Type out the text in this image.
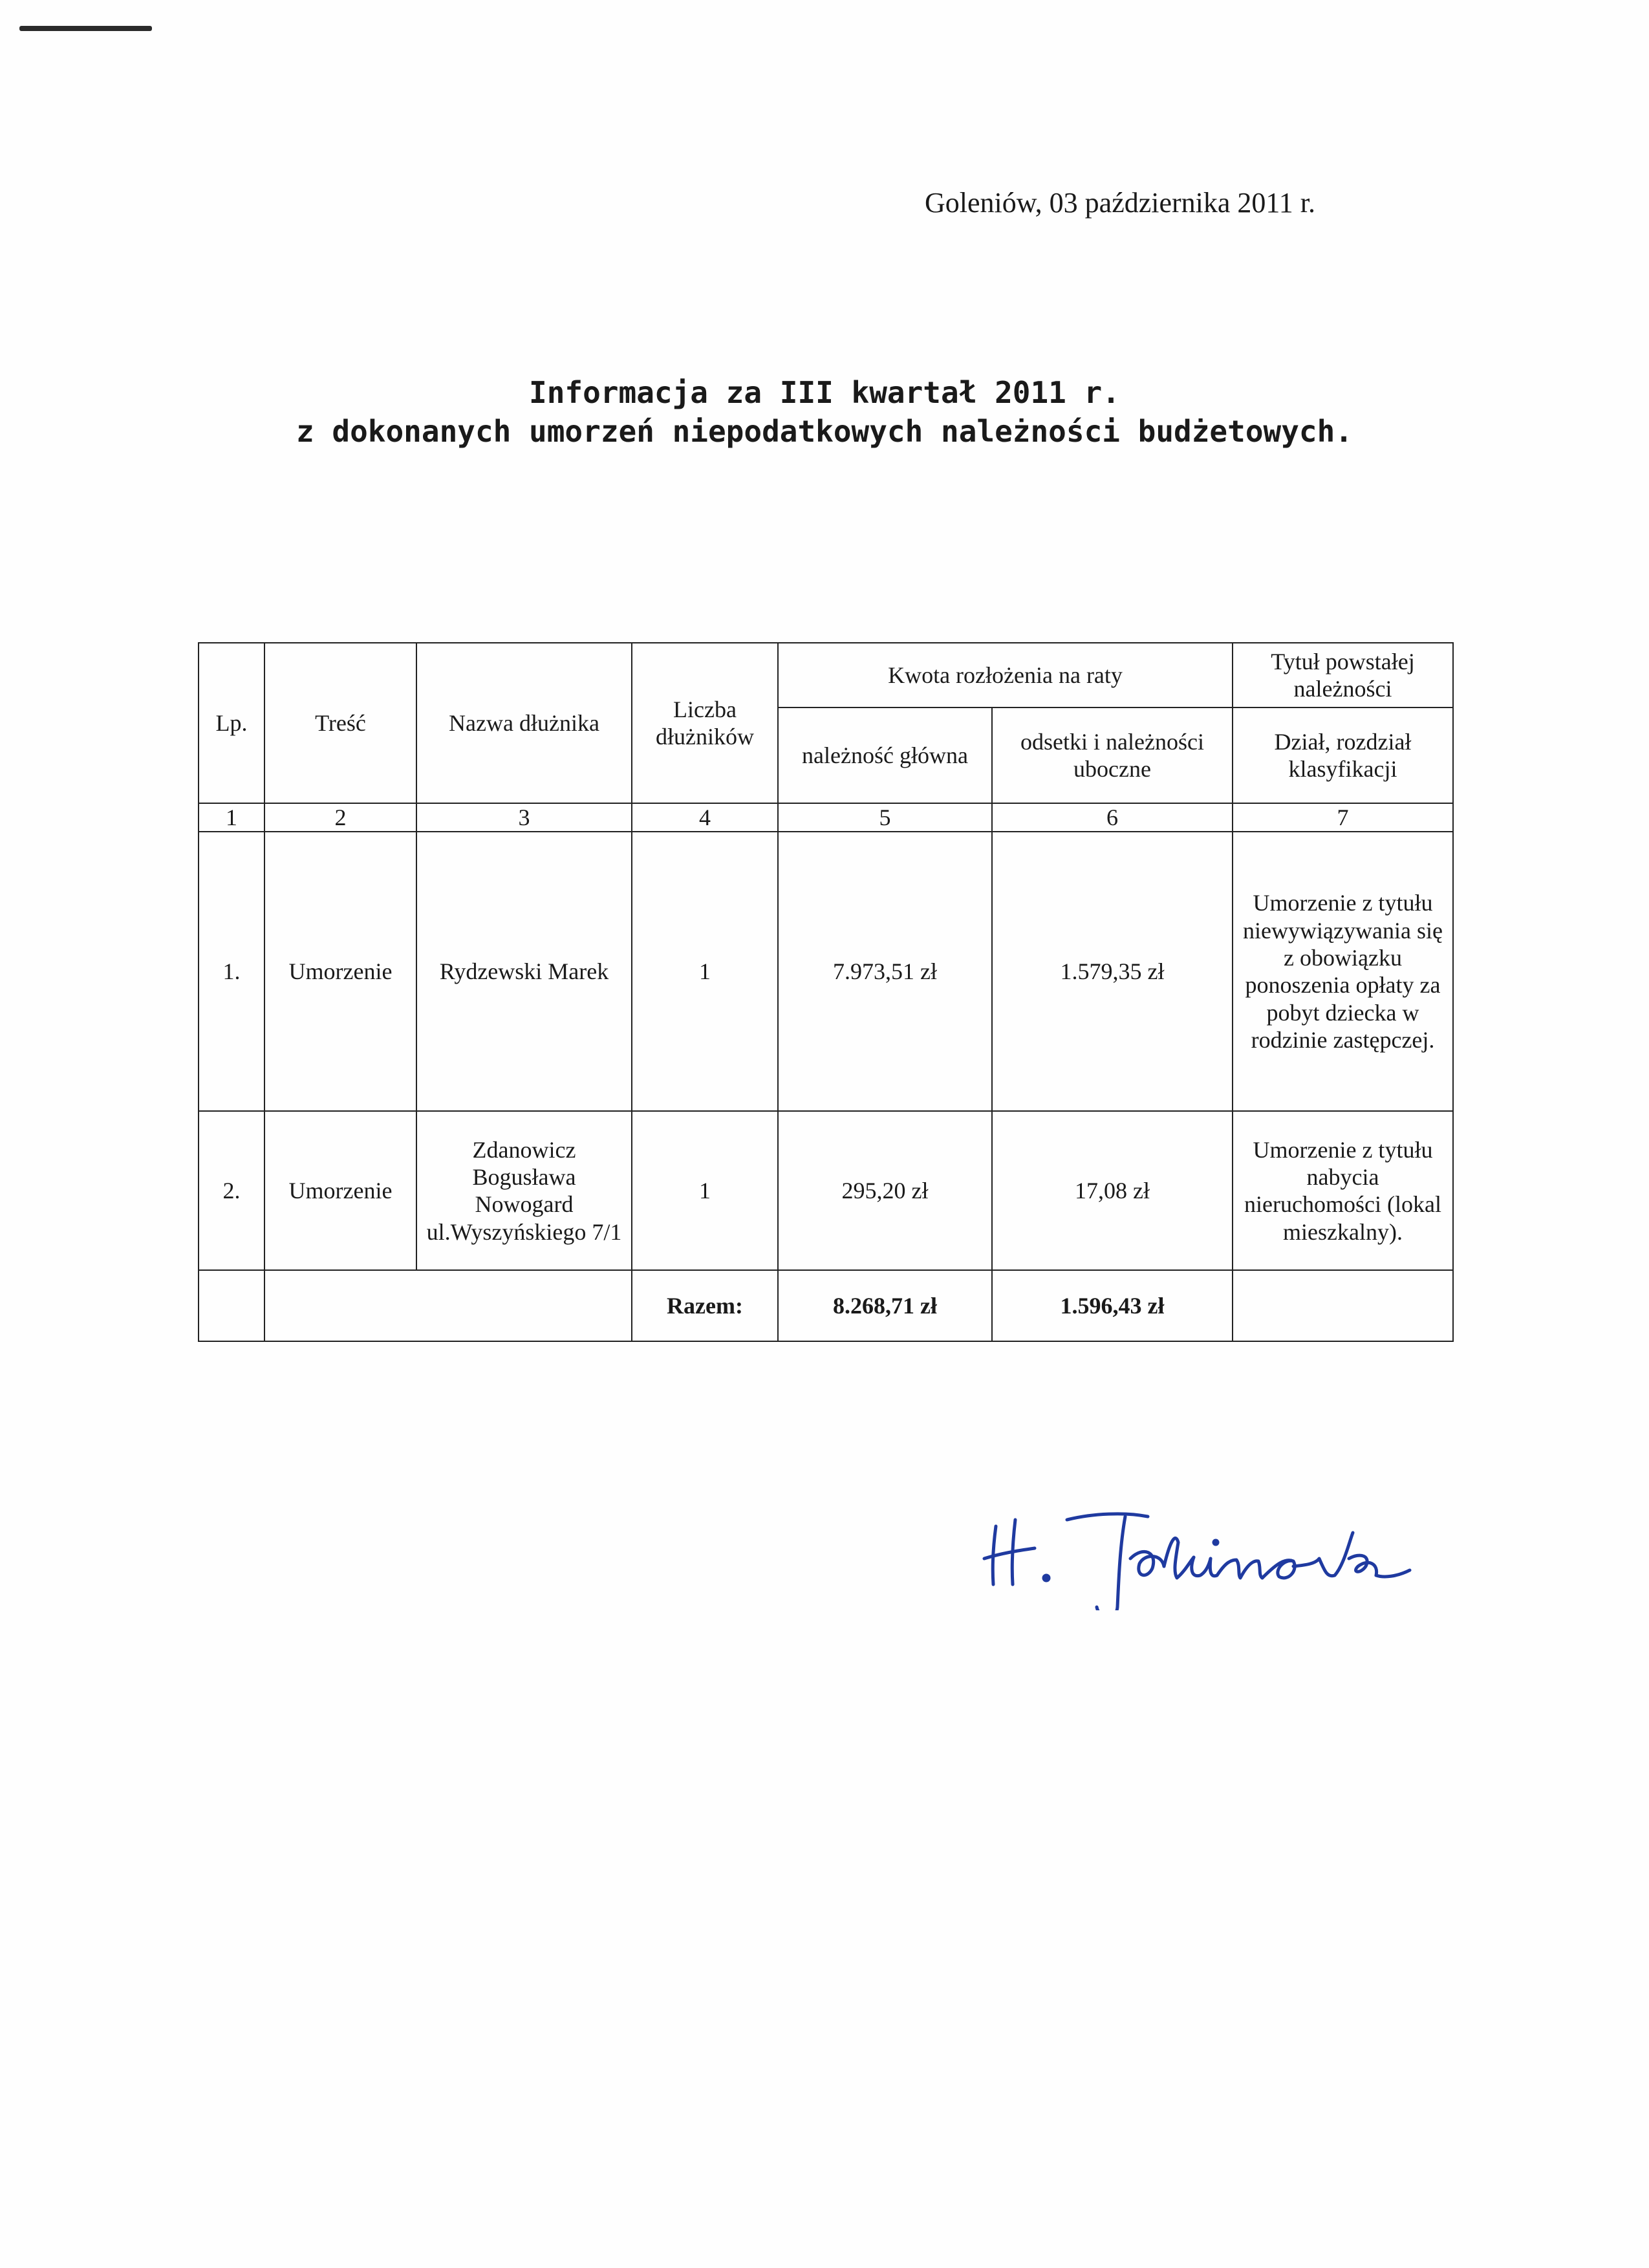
Goleniów, 03 października 2011 r.
Informacja za III kwartał 2011 r.
z dokonanych umorzeń niepodatkowych należności budżetowych.
Lp.	Treść	Nazwa dłużnika	Liczba dłużników	Kwota rozłożenia na raty		Tytuł powstałej należności
				należność główna	odsetki i należności uboczne	Dział, rozdział klasyfikacji
1	2	3	4	5	6	7
1.	Umorzenie	Rydzewski Marek	1	7.973,51 zł	1.579,35 zł	Umorzenie z tytułu niewywiązywania się z obowiązku ponoszenia opłaty za pobyt dziecka w rodzinie zastępczej.
2.	Umorzenie	Zdanowicz Bogusława Nowogard ul.Wyszyńskiego 7/1	1	295,20 zł	17,08 zł	Umorzenie z tytułu nabycia nieruchomości (lokal mieszkalny).
			Razem:	8.268,71 zł	1.596,43 zł	
